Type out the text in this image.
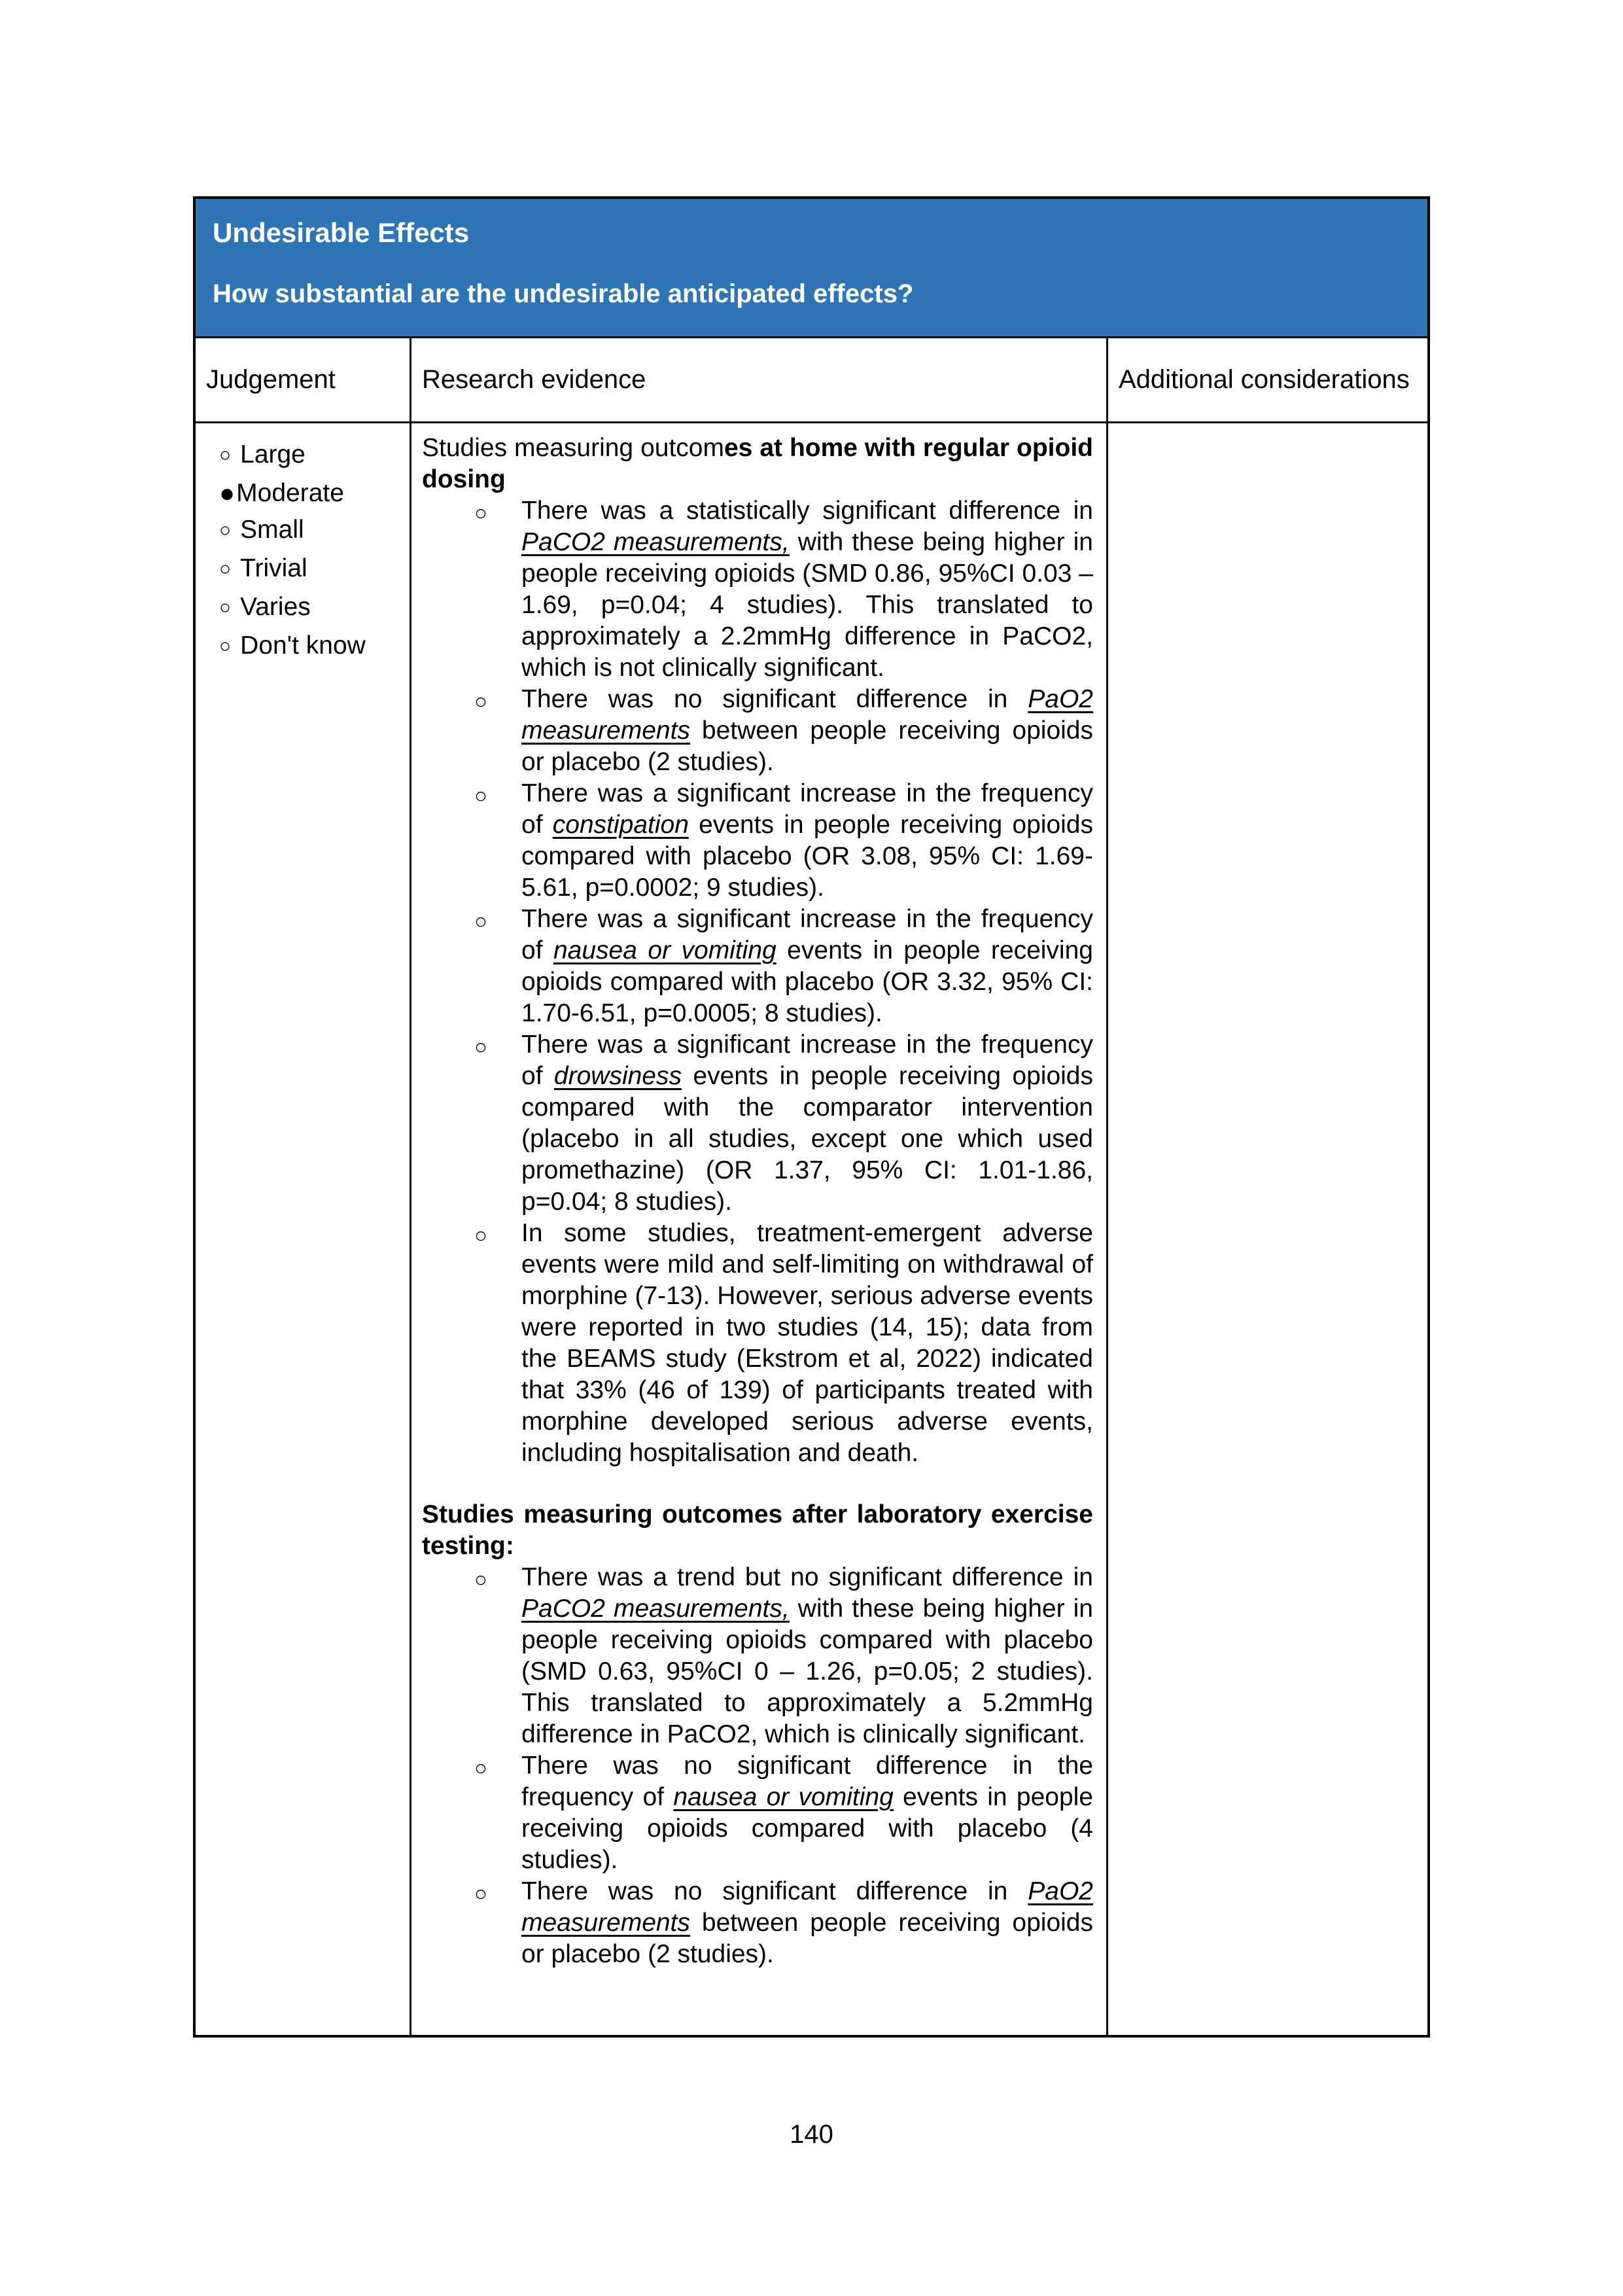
Undesirable Effects
How substantial are the undesirable anticipated effects?
Judgement	Research evidence	Additional considerations
○ Large
●Moderate
○ Small
○ Trivial
○ Varies
○ Don't know

Studies measuring outcomes at home with regular opioid dosing

○ There was a statistically significant difference in PaCO2 measurements, with these being higher in people receiving opioids (SMD 0.86, 95%CI 0.03 – 1.69, p=0.04; 4 studies). This translated to approximately a 2.2mmHg difference in PaCO2, which is not clinically significant.
○ There was no significant difference in PaO2 measurements between people receiving opioids or placebo (2 studies).
○ There was a significant increase in the frequency of constipation events in people receiving opioids compared with placebo (OR 3.08, 95% CI: 1.69-5.61, p=0.0002; 9 studies).
○ There was a significant increase in the frequency of nausea or vomiting events in people receiving opioids compared with placebo (OR 3.32, 95% CI: 1.70-6.51, p=0.0005; 8 studies).
○ There was a significant increase in the frequency of drowsiness events in people receiving opioids compared with the comparator intervention (placebo in all studies, except one which used promethazine) (OR 1.37, 95% CI: 1.01-1.86, p=0.04; 8 studies).
○ In some studies, treatment-emergent adverse events were mild and self-limiting on withdrawal of morphine (7-13). However, serious adverse events were reported in two studies (14, 15); data from the BEAMS study (Ekstrom et al, 2022) indicated that 33% (46 of 139) of participants treated with morphine developed serious adverse events, including hospitalisation and death.

Studies measuring outcomes after laboratory exercise testing:

○ There was a trend but no significant difference in PaCO2 measurements, with these being higher in people receiving opioids compared with placebo (SMD 0.63, 95%CI 0 – 1.26, p=0.05; 2 studies). This translated to approximately a 5.2mmHg difference in PaCO2, which is clinically significant.
○ There was no significant difference in the frequency of nausea or vomiting events in people receiving opioids compared with placebo (4 studies).
○ There was no significant difference in PaO2 measurements between people receiving opioids or placebo (2 studies).
140
